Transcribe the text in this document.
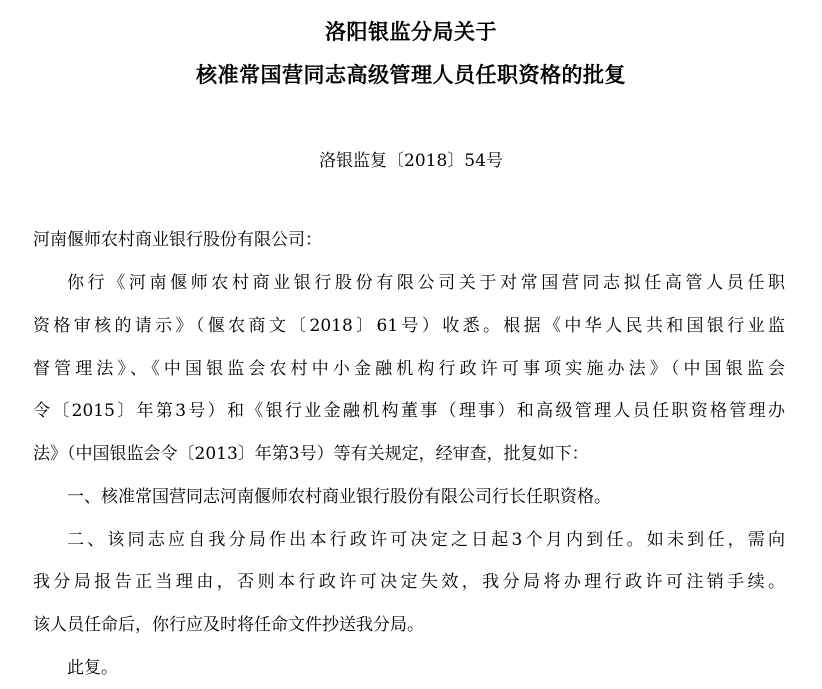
洛阳银监分局关于
核准常国营同志高级管理人员任职资格的批复
洛银监复〔2018〕54号
河南偃师农村商业银行股份有限公司：
你行《河南偃师农村商业银行股份有限公司关于对常国营同志拟任高管人员任职
资格审核的请示》（偃农商文〔2018〕61号）收悉。根据《中华人民共和国银行业监
督管理法》、《中国银监会农村中小金融机构行政许可事项实施办法》（中国银监会
令〔2015〕年第3号）和《银行业金融机构董事（理事）和高级管理人员任职资格管理办
法》（中国银监会令〔2013〕年第3号）等有关规定，经审查，批复如下：
一、核准常国营同志河南偃师农村商业银行股份有限公司行长任职资格。
二、该同志应自我分局作出本行政许可决定之日起3个月内到任。如未到任，需向
我分局报告正当理由，否则本行政许可决定失效，我分局将办理行政许可注销手续。
该人员任命后，你行应及时将任命文件抄送我分局。
此复。
